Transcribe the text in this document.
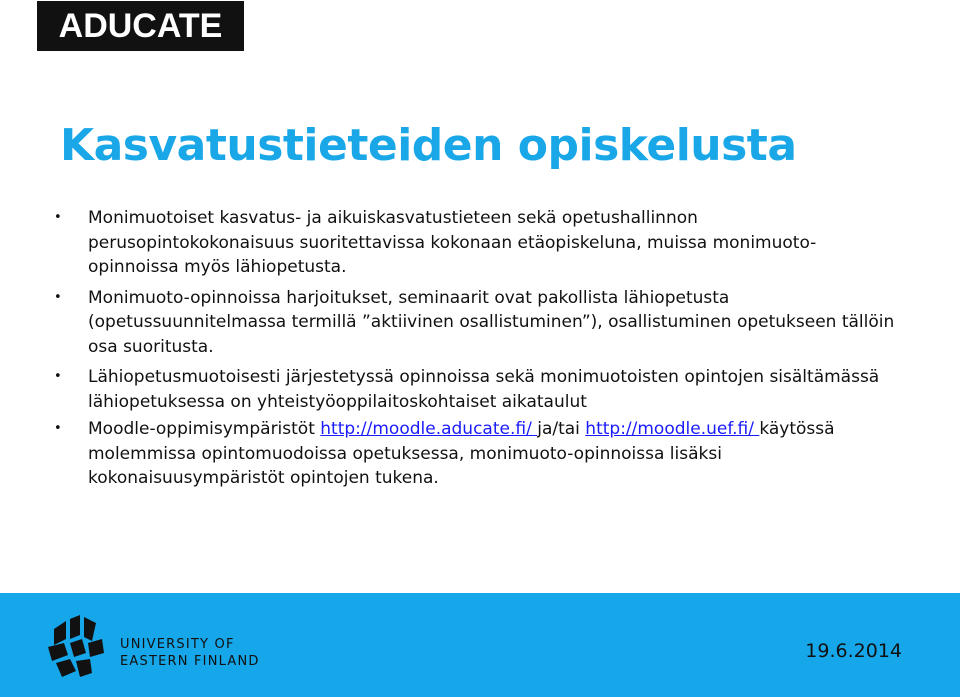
ADUCATE
Kasvatustieteiden opiskelusta
• Monimuotoiset kasvatus- ja aikuiskasvatustieteen sekä opetushallinnon perusopintokokonaisuus suoritettavissa kokonaan etäopiskeluna, muissa monimuoto-opinnoissa myös lähiopetusta.
• Monimuoto-opinnoissa harjoitukset, seminaarit ovat pakollista lähiopetusta (opetussuunnitelmassa termillä ”aktiivinen osallistuminen”), osallistuminen opetukseen tällöin osa suoritusta.
• Lähiopetusmuotoisesti järjestetyssä opinnoissa sekä monimuotoisten opintojen sisältämässä lähiopetuksessa on yhteistyöoppilaitoskohtaiset aikataulut
• Moodle-oppimisympäristöt http://moodle.aducate.fi/ ja/tai http://moodle.uef.fi/ käytössä molemmissa opintomuodoissa opetuksessa, monimuoto-opinnoissa lisäksi kokonaisuusympäristöt opintojen tukena.
UNIVERSITY OF
EASTERN FINLAND	19.6.2014
